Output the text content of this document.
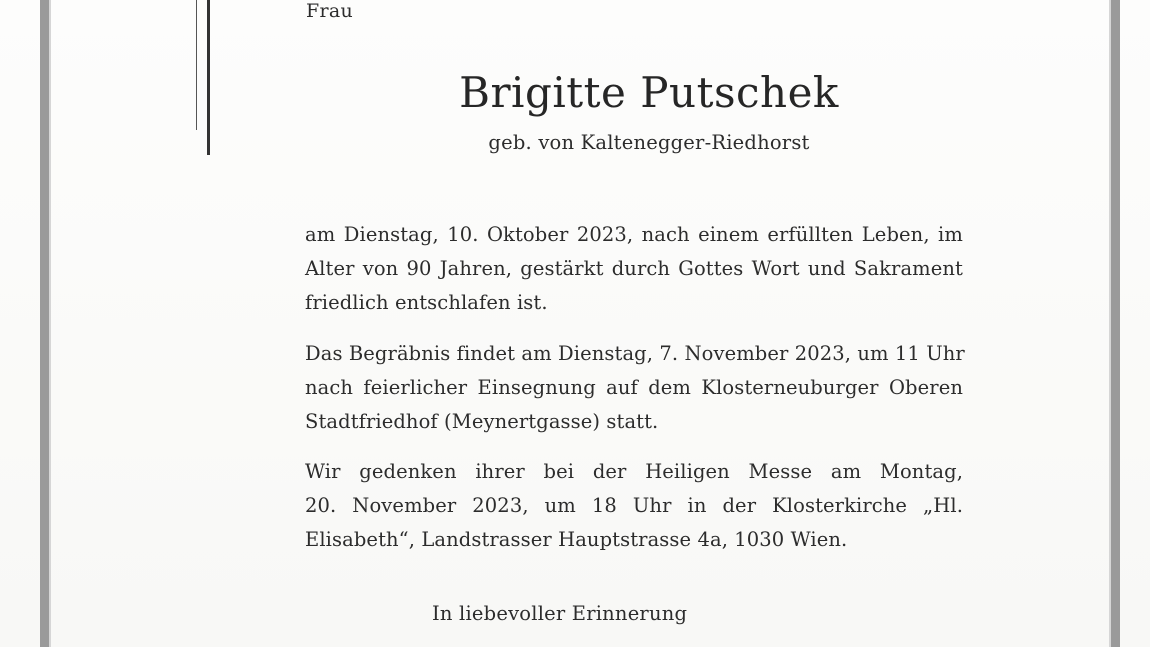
Frau

Brigitte Putschek

geb. von Kaltenegger-Riedhorst

am Dienstag, 10. Oktober 2023, nach einem erfüllten Leben, im
Alter von 90 Jahren, gestärkt durch Gottes Wort und Sakrament
friedlich entschlafen ist.

Das Begräbnis findet am Dienstag, 7. November 2023, um 11 Uhr
nach feierlicher Einsegnung auf dem Klosterneuburger Oberen
Stadtfriedhof (Meynertgasse) statt.

Wir gedenken ihrer bei der Heiligen Messe am Montag,
20. November 2023, um 18 Uhr in der Klosterkirche „Hl.
Elisabeth“, Landstrasser Hauptstrasse 4a, 1030 Wien.

In liebevoller Erinnerung
